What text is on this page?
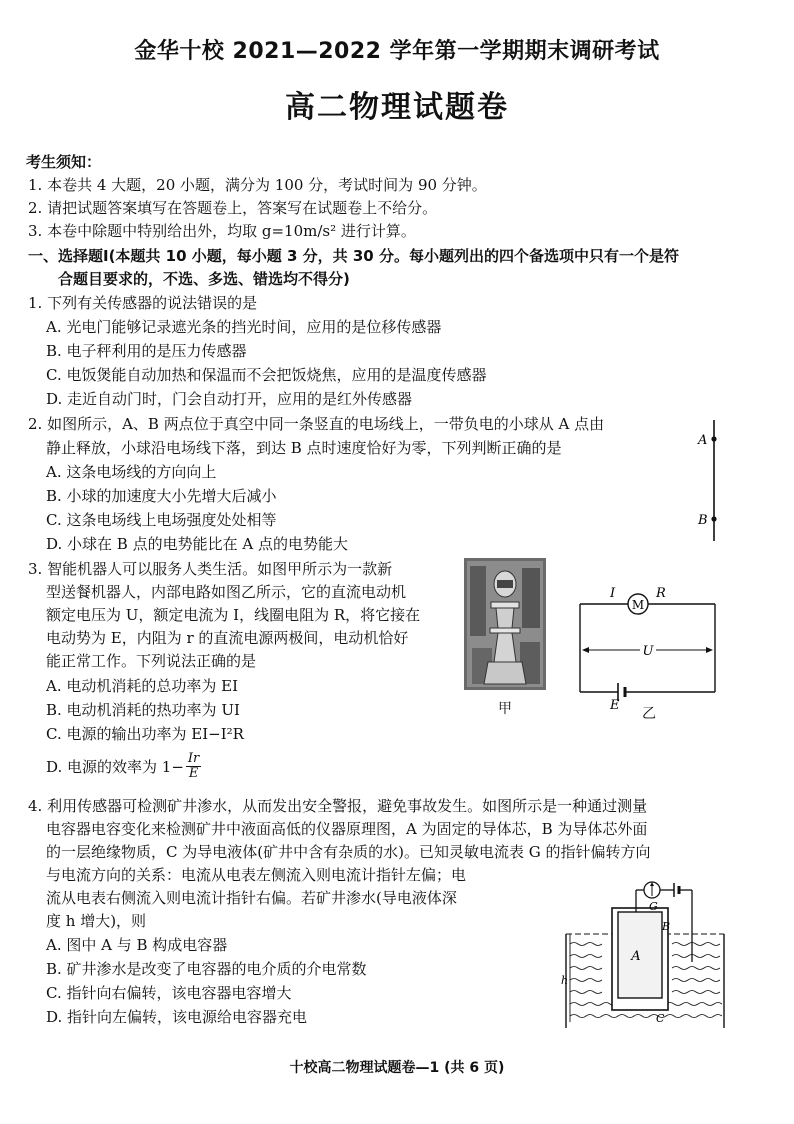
金华十校 2021—2022 学年第一学期期末调研考试
高二物理试题卷
考生须知：
1. 本卷共 4 大题，20 小题，满分为 100 分，考试时间为 90 分钟。
2. 请把试题答案填写在答题卷上，答案写在试题卷上不给分。
3. 本卷中除题中特别给出外，均取 g=10m/s² 进行计算。
一、选择题Ⅰ(本题共 10 小题，每小题 3 分，共 30 分。每小题列出的四个备选项中只有一个是符
合题目要求的，不选、多选、错选均不得分)
1. 下列有关传感器的说法错误的是
A. 光电门能够记录遮光条的挡光时间，应用的是位移传感器
B. 电子秤利用的是压力传感器
C. 电饭煲能自动加热和保温而不会把饭烧焦，应用的是温度传感器
D. 走近自动门时，门会自动打开，应用的是红外传感器
2. 如图所示，A、B 两点位于真空中同一条竖直的电场线上，一带负电的小球从 A 点由
静止释放，小球沿电场线下落，到达 B 点时速度恰好为零，下列判断正确的是
A. 这条电场线的方向向上
B. 小球的加速度大小先增大后减小
C. 这条电场线上电场强度处处相等
D. 小球在 B 点的电势能比在 A 点的电势能大
A
B
3. 智能机器人可以服务人类生活。如图甲所示为一款新
型送餐机器人，内部电路如图乙所示，它的直流电动机
额定电压为 U，额定电流为 I，线圈电阻为 R，将它接在
电动势为 E，内阻为 r 的直流电源两极间，电动机恰好
能正常工作。下列说法正确的是
A. 电动机消耗的总功率为 EI
B. 电动机消耗的热功率为 UI
C. 电源的输出功率为 EI−I²R
D. 电源的效率为 $1- \frac{Ir}{E}$
甲
M
U
I	R
E
乙
4. 利用传感器可检测矿井渗水，从而发出安全警报，避免事故发生。如图所示是一种通过测量
电容器电容变化来检测矿井中液面高低的仪器原理图，A 为固定的导体芯，B 为导体芯外面
的一层绝缘物质，C 为导电液体(矿井中含有杂质的水)。已知灵敏电流表 G 的指针偏转方向
与电流方向的关系：电流从电表左侧流入则电流计指针左偏；电
流从电表右侧流入则电流计指针右偏。若矿井渗水(导电液体深
度 h 增大)，则
A. 图中 A 与 B 构成电容器
B. 矿井渗水是改变了电容器的电介质的介电常数
C. 指针向右偏转，该电容器电容增大
D. 指针向左偏转，该电源给电容器充电
h
A
B
C
G
十校高二物理试题卷—1 (共 6 页)
